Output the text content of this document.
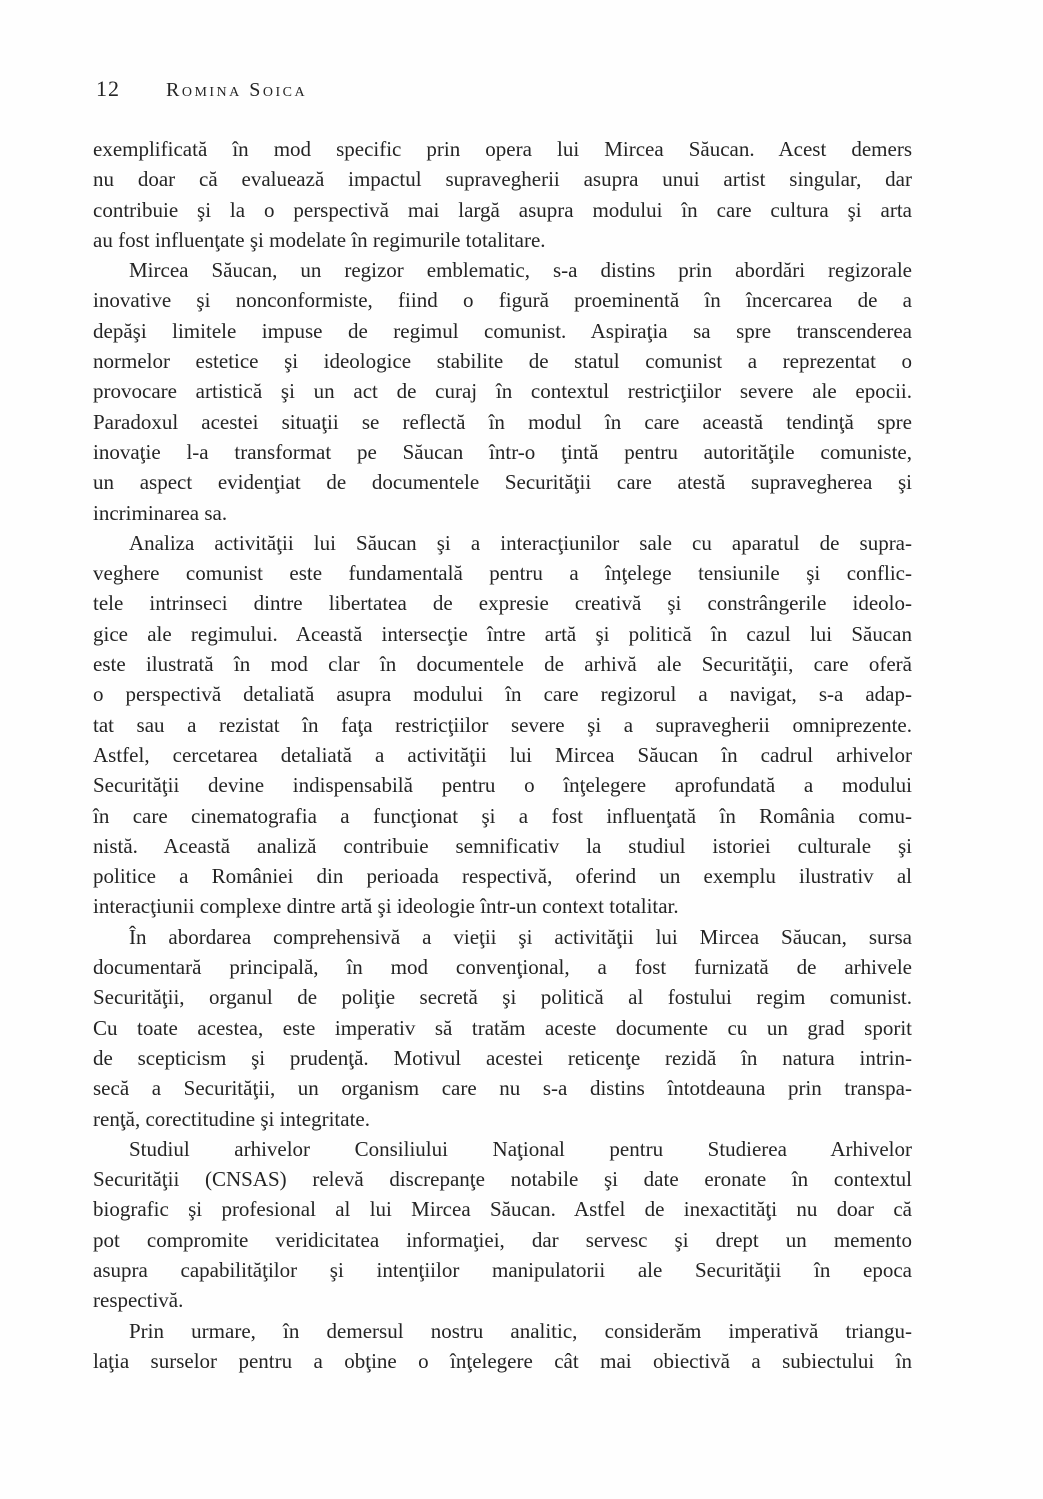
12 Romina Soica
exemplificată în mod specific prin opera lui Mircea Săucan. Acest demers
nu doar că evaluează impactul supravegherii asupra unui artist singular, dar
contribuie şi la o perspectivă mai largă asupra modului în care cultura şi arta
au fost influenţate şi modelate în regimurile totalitare.
Mircea Săucan, un regizor emblematic, s-a distins prin abordări regizorale
inovative şi nonconformiste, fiind o figură proeminentă în încercarea de a
depăşi limitele impuse de regimul comunist. Aspiraţia sa spre transcenderea
normelor estetice şi ideologice stabilite de statul comunist a reprezentat o
provocare artistică şi un act de curaj în contextul restricţiilor severe ale epocii.
Paradoxul acestei situaţii se reflectă în modul în care această tendinţă spre
inovaţie l-a transformat pe Săucan într-o ţintă pentru autorităţile comuniste,
un aspect evidenţiat de documentele Securităţii care atestă supravegherea şi
incriminarea sa.
Analiza activităţii lui Săucan şi a interacţiunilor sale cu aparatul de supra-
veghere comunist este fundamentală pentru a înţelege tensiunile şi conflic-
tele intrinseci dintre libertatea de expresie creativă şi constrângerile ideolo-
gice ale regimului. Această intersecţie între artă şi politică în cazul lui Săucan
este ilustrată în mod clar în documentele de arhivă ale Securităţii, care oferă
o perspectivă detaliată asupra modului în care regizorul a navigat, s-a adap-
tat sau a rezistat în faţa restricţiilor severe şi a supravegherii omniprezente.
Astfel, cercetarea detaliată a activităţii lui Mircea Săucan în cadrul arhivelor
Securităţii devine indispensabilă pentru o înţelegere aprofundată a modului
în care cinematografia a funcţionat şi a fost influenţată în România comu-
nistă. Această analiză contribuie semnificativ la studiul istoriei culturale şi
politice a României din perioada respectivă, oferind un exemplu ilustrativ al
interacţiunii complexe dintre artă şi ideologie într-un context totalitar.
În abordarea comprehensivă a vieţii şi activităţii lui Mircea Săucan, sursa
documentară principală, în mod convenţional, a fost furnizată de arhivele
Securităţii, organul de poliţie secretă şi politică al fostului regim comunist.
Cu toate acestea, este imperativ să tratăm aceste documente cu un grad sporit
de scepticism şi prudenţă. Motivul acestei reticenţe rezidă în natura intrin-
secă a Securităţii, un organism care nu s-a distins întotdeauna prin transpa-
renţă, corectitudine şi integritate.
Studiul arhivelor Consiliului Naţional pentru Studierea Arhivelor
Securităţii (CNSAS) relevă discrepanţe notabile şi date eronate în contextul
biografic şi profesional al lui Mircea Săucan. Astfel de inexactităţi nu doar că
pot compromite veridicitatea informaţiei, dar servesc şi drept un memento
asupra capabilităţilor şi intenţiilor manipulatorii ale Securităţii în epoca
respectivă.
Prin urmare, în demersul nostru analitic, considerăm imperativă triangu-
laţia surselor pentru a obţine o înţelegere cât mai obiectivă a subiectului în
